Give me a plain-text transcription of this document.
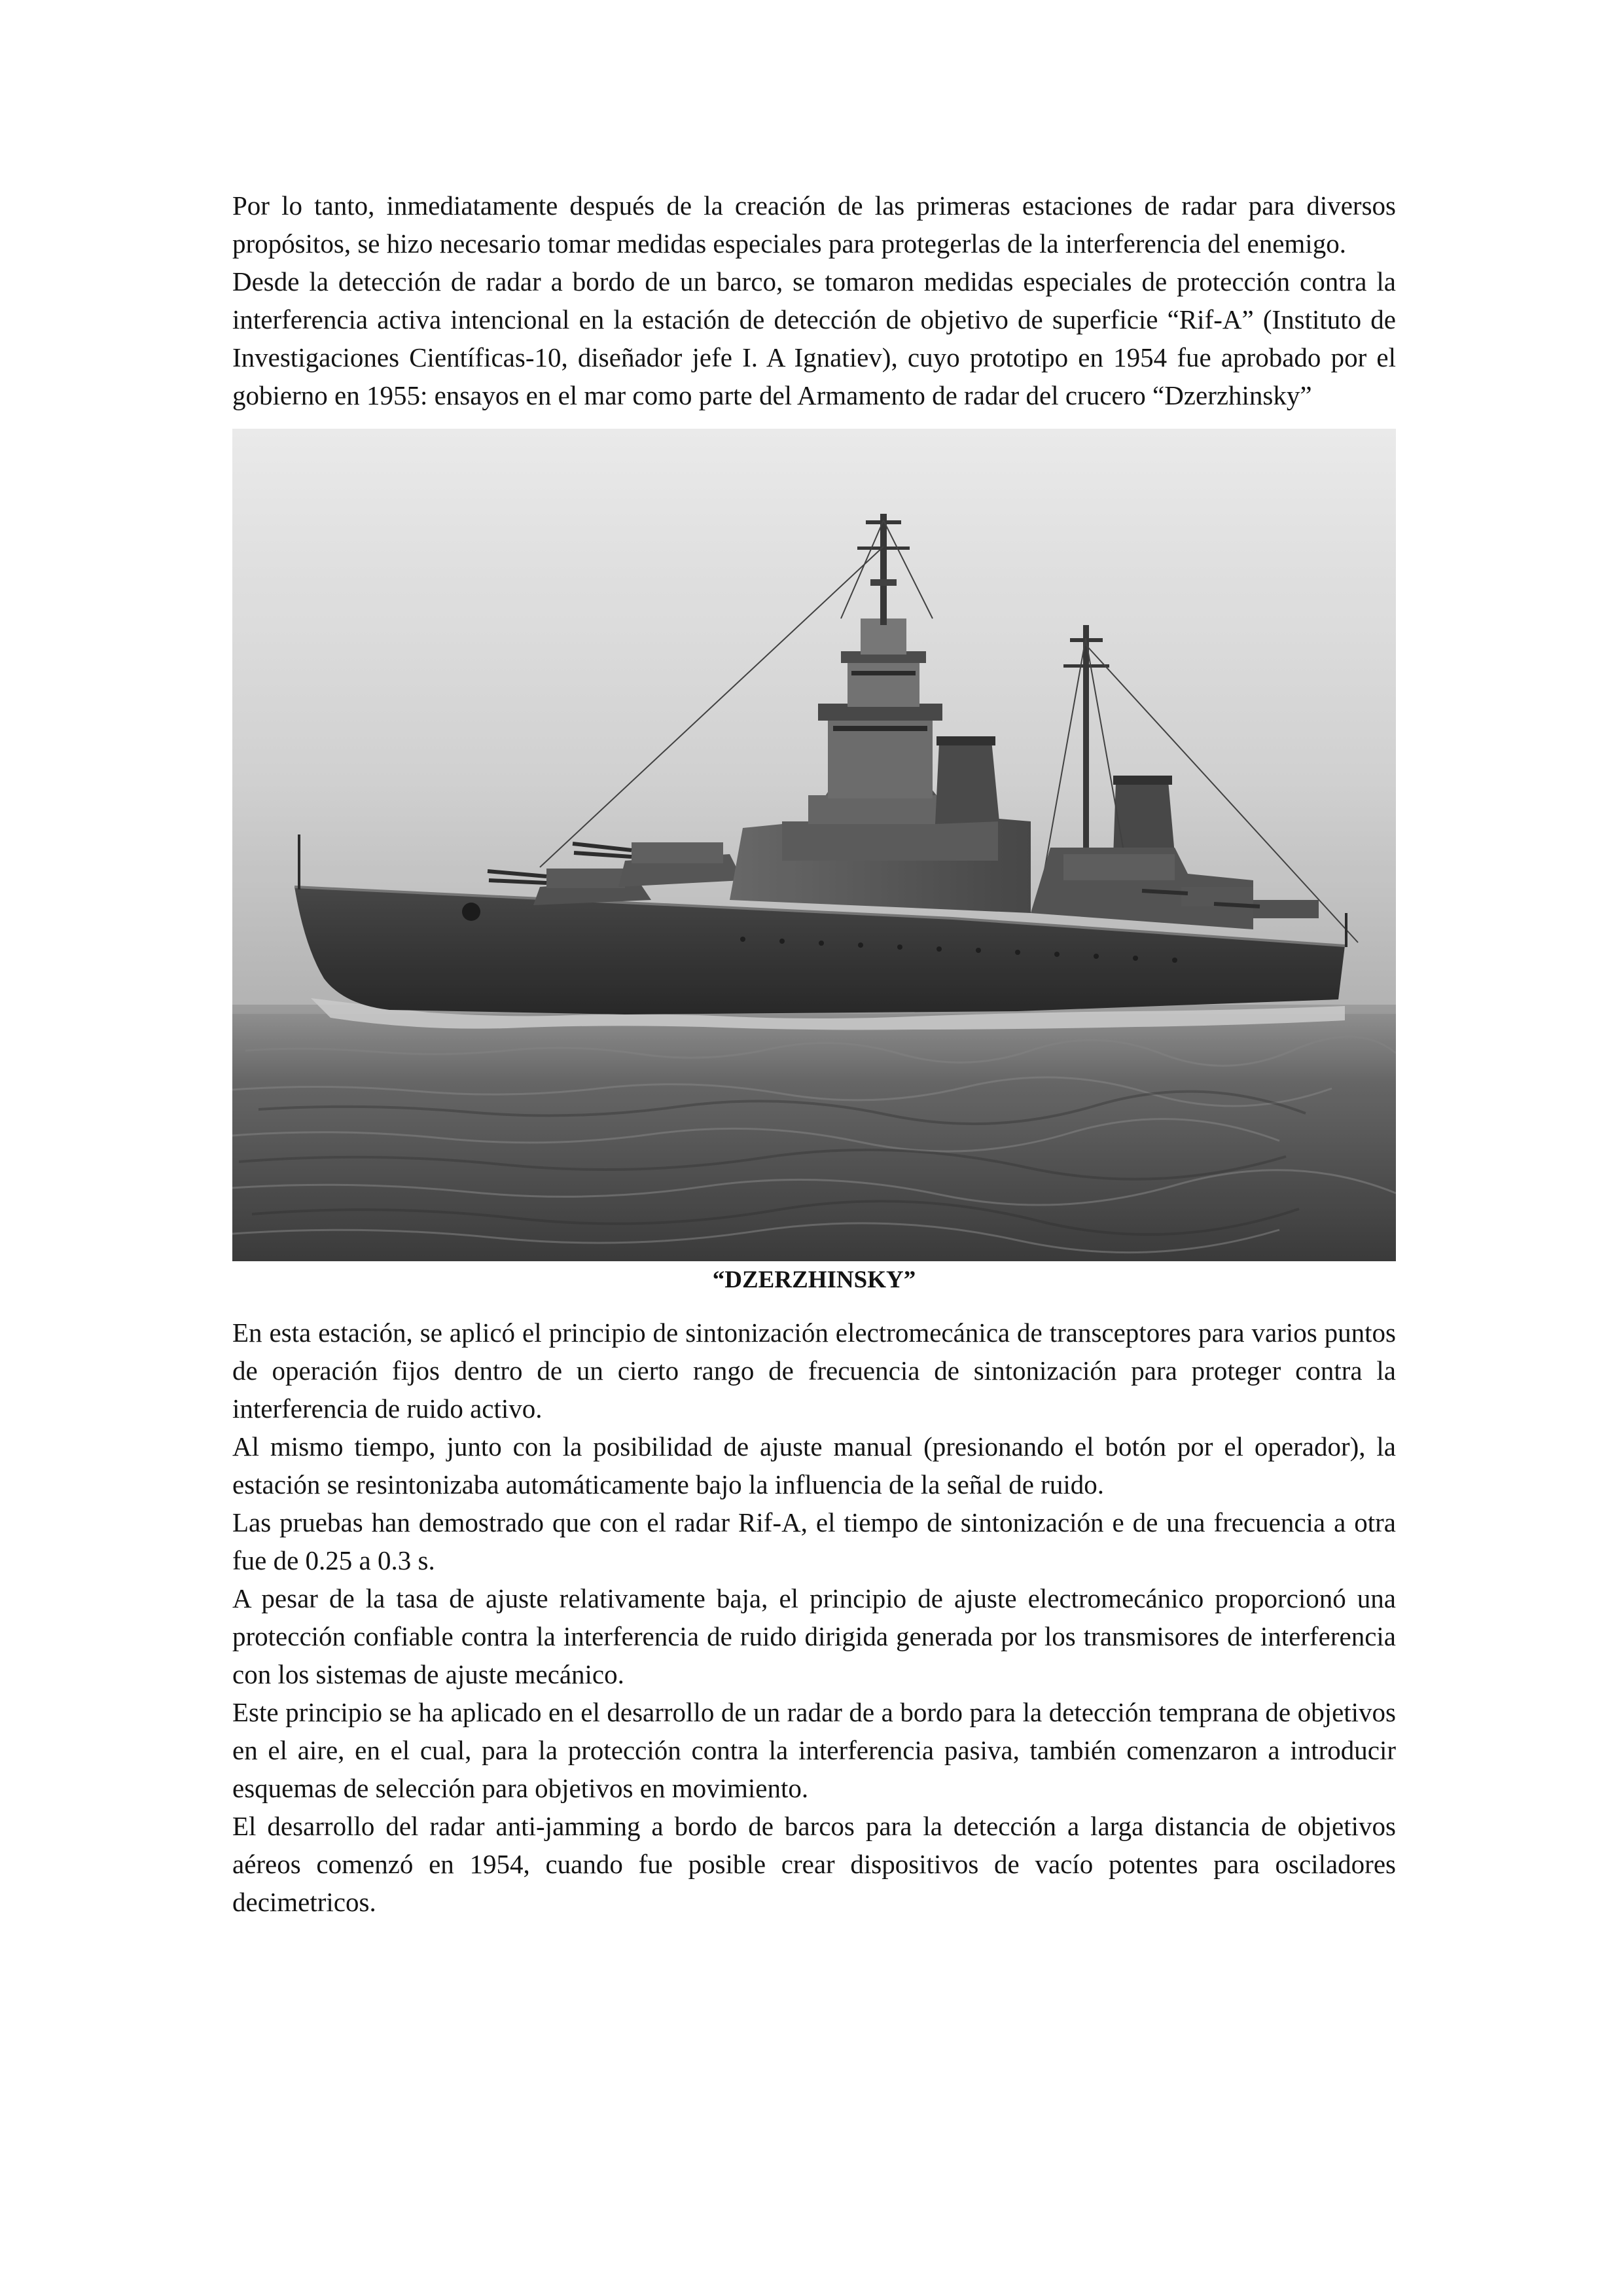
Por lo tanto, inmediatamente después de la creación de las primeras estaciones de radar para diversos propósitos, se hizo necesario tomar medidas especiales para protegerlas de la interferencia del enemigo.

Desde la detección de radar a bordo de un barco, se tomaron medidas especiales de protección contra la interferencia activa intencional en la estación de detección de objetivo de superficie “Rif-A” (Instituto de Investigaciones Científicas-10, diseñador jefe I. A Ignatiev), cuyo prototipo en 1954 fue aprobado por el gobierno en 1955: ensayos en el mar como parte del Armamento de radar del crucero “Dzerzhinsky”

“DZERZHINSKY”

En esta estación, se aplicó el principio de sintonización electromecánica de transceptores para varios puntos de operación fijos dentro de un cierto rango de frecuencia de sintonización para proteger contra la interferencia de ruido activo.

Al mismo tiempo, junto con la posibilidad de ajuste manual (presionando el botón por el operador), la estación se resintonizaba automáticamente bajo la influencia de la señal de ruido.

Las pruebas han demostrado que con el radar Rif-A, el tiempo de sintonización e de una frecuencia a otra fue de 0.25 a 0.3 s.

A pesar de la tasa de ajuste relativamente baja, el principio de ajuste electromecánico proporcionó una protección confiable contra la interferencia de ruido dirigida generada por los transmisores de interferencia con los sistemas de ajuste mecánico.

Este principio se ha aplicado en el desarrollo de un radar de a bordo para la detección temprana de objetivos en el aire, en el cual, para la protección contra la interferencia pasiva, también comenzaron a introducir esquemas de selección para objetivos en movimiento.

El desarrollo del radar anti-jamming a bordo de barcos para la detección a larga distancia de objetivos aéreos comenzó en 1954, cuando fue posible crear dispositivos de vacío potentes para osciladores decimetricos.
